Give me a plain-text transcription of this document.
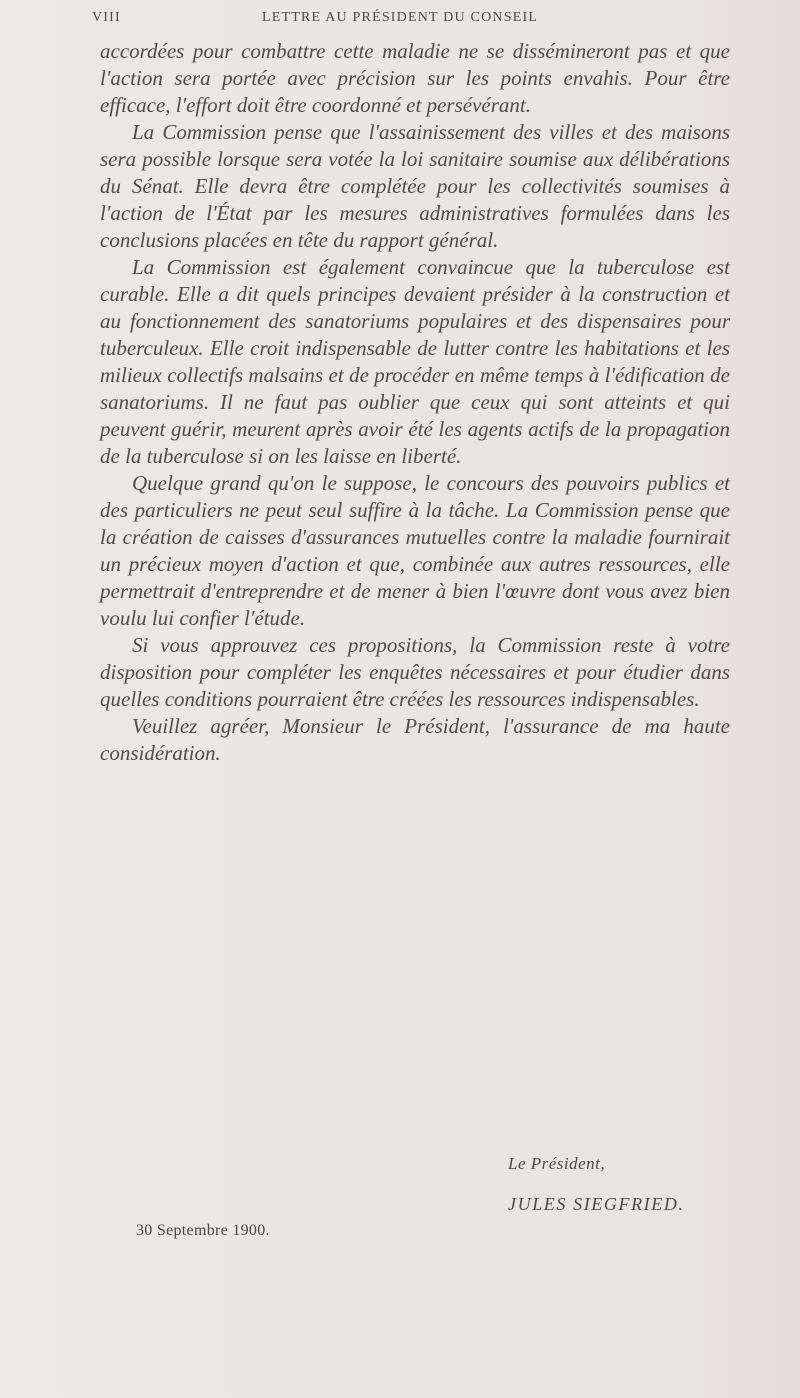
VIII	LETTRE AU PRÉSIDENT DU CONSEIL

accordées pour combattre cette maladie ne se dissémineront pas et que l'action sera portée avec précision sur les points envahis. Pour être efficace, l'effort doit être coordonné et persévérant.

La Commission pense que l'assainissement des villes et des maisons sera possible lorsque sera votée la loi sanitaire soumise aux délibérations du Sénat. Elle devra être complétée pour les collectivités soumises à l'action de l'État par les mesures administratives formulées dans les conclusions placées en tête du rapport général.

La Commission est également convaincue que la tuberculose est curable. Elle a dit quels principes devaient présider à la construction et au fonctionnement des sanatoriums populaires et des dispensaires pour tuberculeux. Elle croit indispensable de lutter contre les habitations et les milieux collectifs malsains et de procéder en même temps à l'édification de sanatoriums. Il ne faut pas oublier que ceux qui sont atteints et qui peuvent guérir, meurent après avoir été les agents actifs de la propagation de la tuberculose si on les laisse en liberté.

Quelque grand qu'on le suppose, le concours des pouvoirs publics et des particuliers ne peut seul suffire à la tâche. La Commission pense que la création de caisses d'assurances mutuelles contre la maladie fournirait un précieux moyen d'action et que, combinée aux autres ressources, elle permettrait d'entreprendre et de mener à bien l'œuvre dont vous avez bien voulu lui confier l'étude.

Si vous approuvez ces propositions, la Commission reste à votre disposition pour compléter les enquêtes nécessaires et pour étudier dans quelles conditions pourraient être créées les ressources indispensables.

Veuillez agréer, Monsieur le Président, l'assurance de ma haute considération.

Le Président,
JULES SIEGFRIED.
30 Septembre 1900.
